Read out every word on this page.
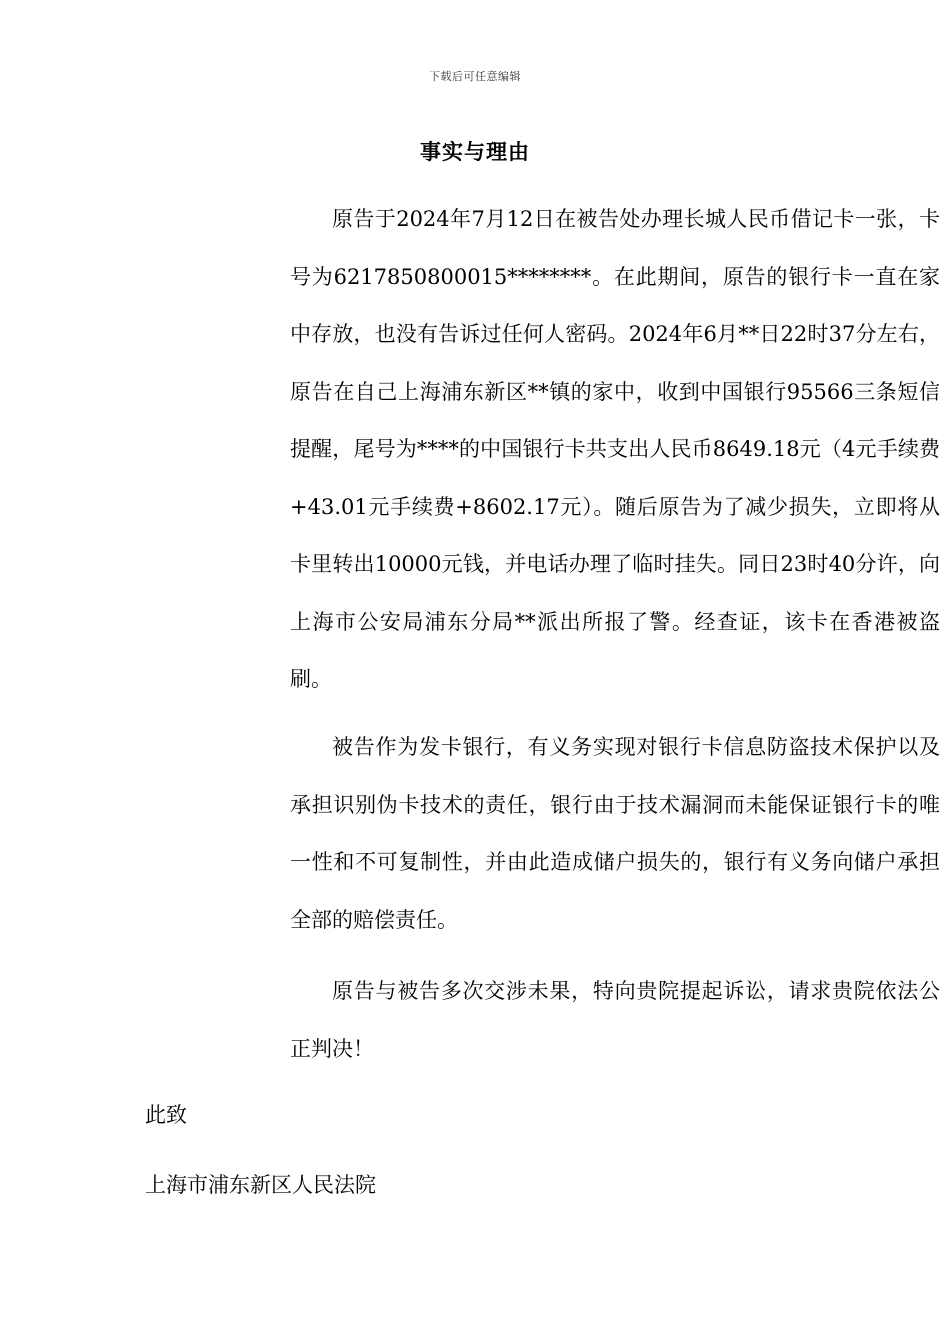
下载后可任意编辑
事实与理由

原告于2024年7月12日在被告处办理长城人民币借记卡一张，卡号为6217850800015********。在此期间，原告的银行卡一直在家中存放，也没有告诉过任何人密码。2024年6月**日22时37分左右，原告在自己上海浦东新区**镇的家中，收到中国银行95566三条短信提醒，尾号为****的中国银行卡共支出人民币8649.18元（4元手续费+43.01元手续费+8602.17元）。随后原告为了减少损失，立即将从卡里转出10000元钱，并电话办理了临时挂失。同日23时40分许，向上海市公安局浦东分局**派出所报了警。经查证，该卡在香港被盗刷。

被告作为发卡银行，有义务实现对银行卡信息防盗技术保护以及承担识别伪卡技术的责任，银行由于技术漏洞而未能保证银行卡的唯一性和不可复制性，并由此造成储户损失的，银行有义务向储户承担全部的赔偿责任。

原告与被告多次交涉未果，特向贵院提起诉讼，请求贵院依法公正判决！

此致
上海市浦东新区人民法院
